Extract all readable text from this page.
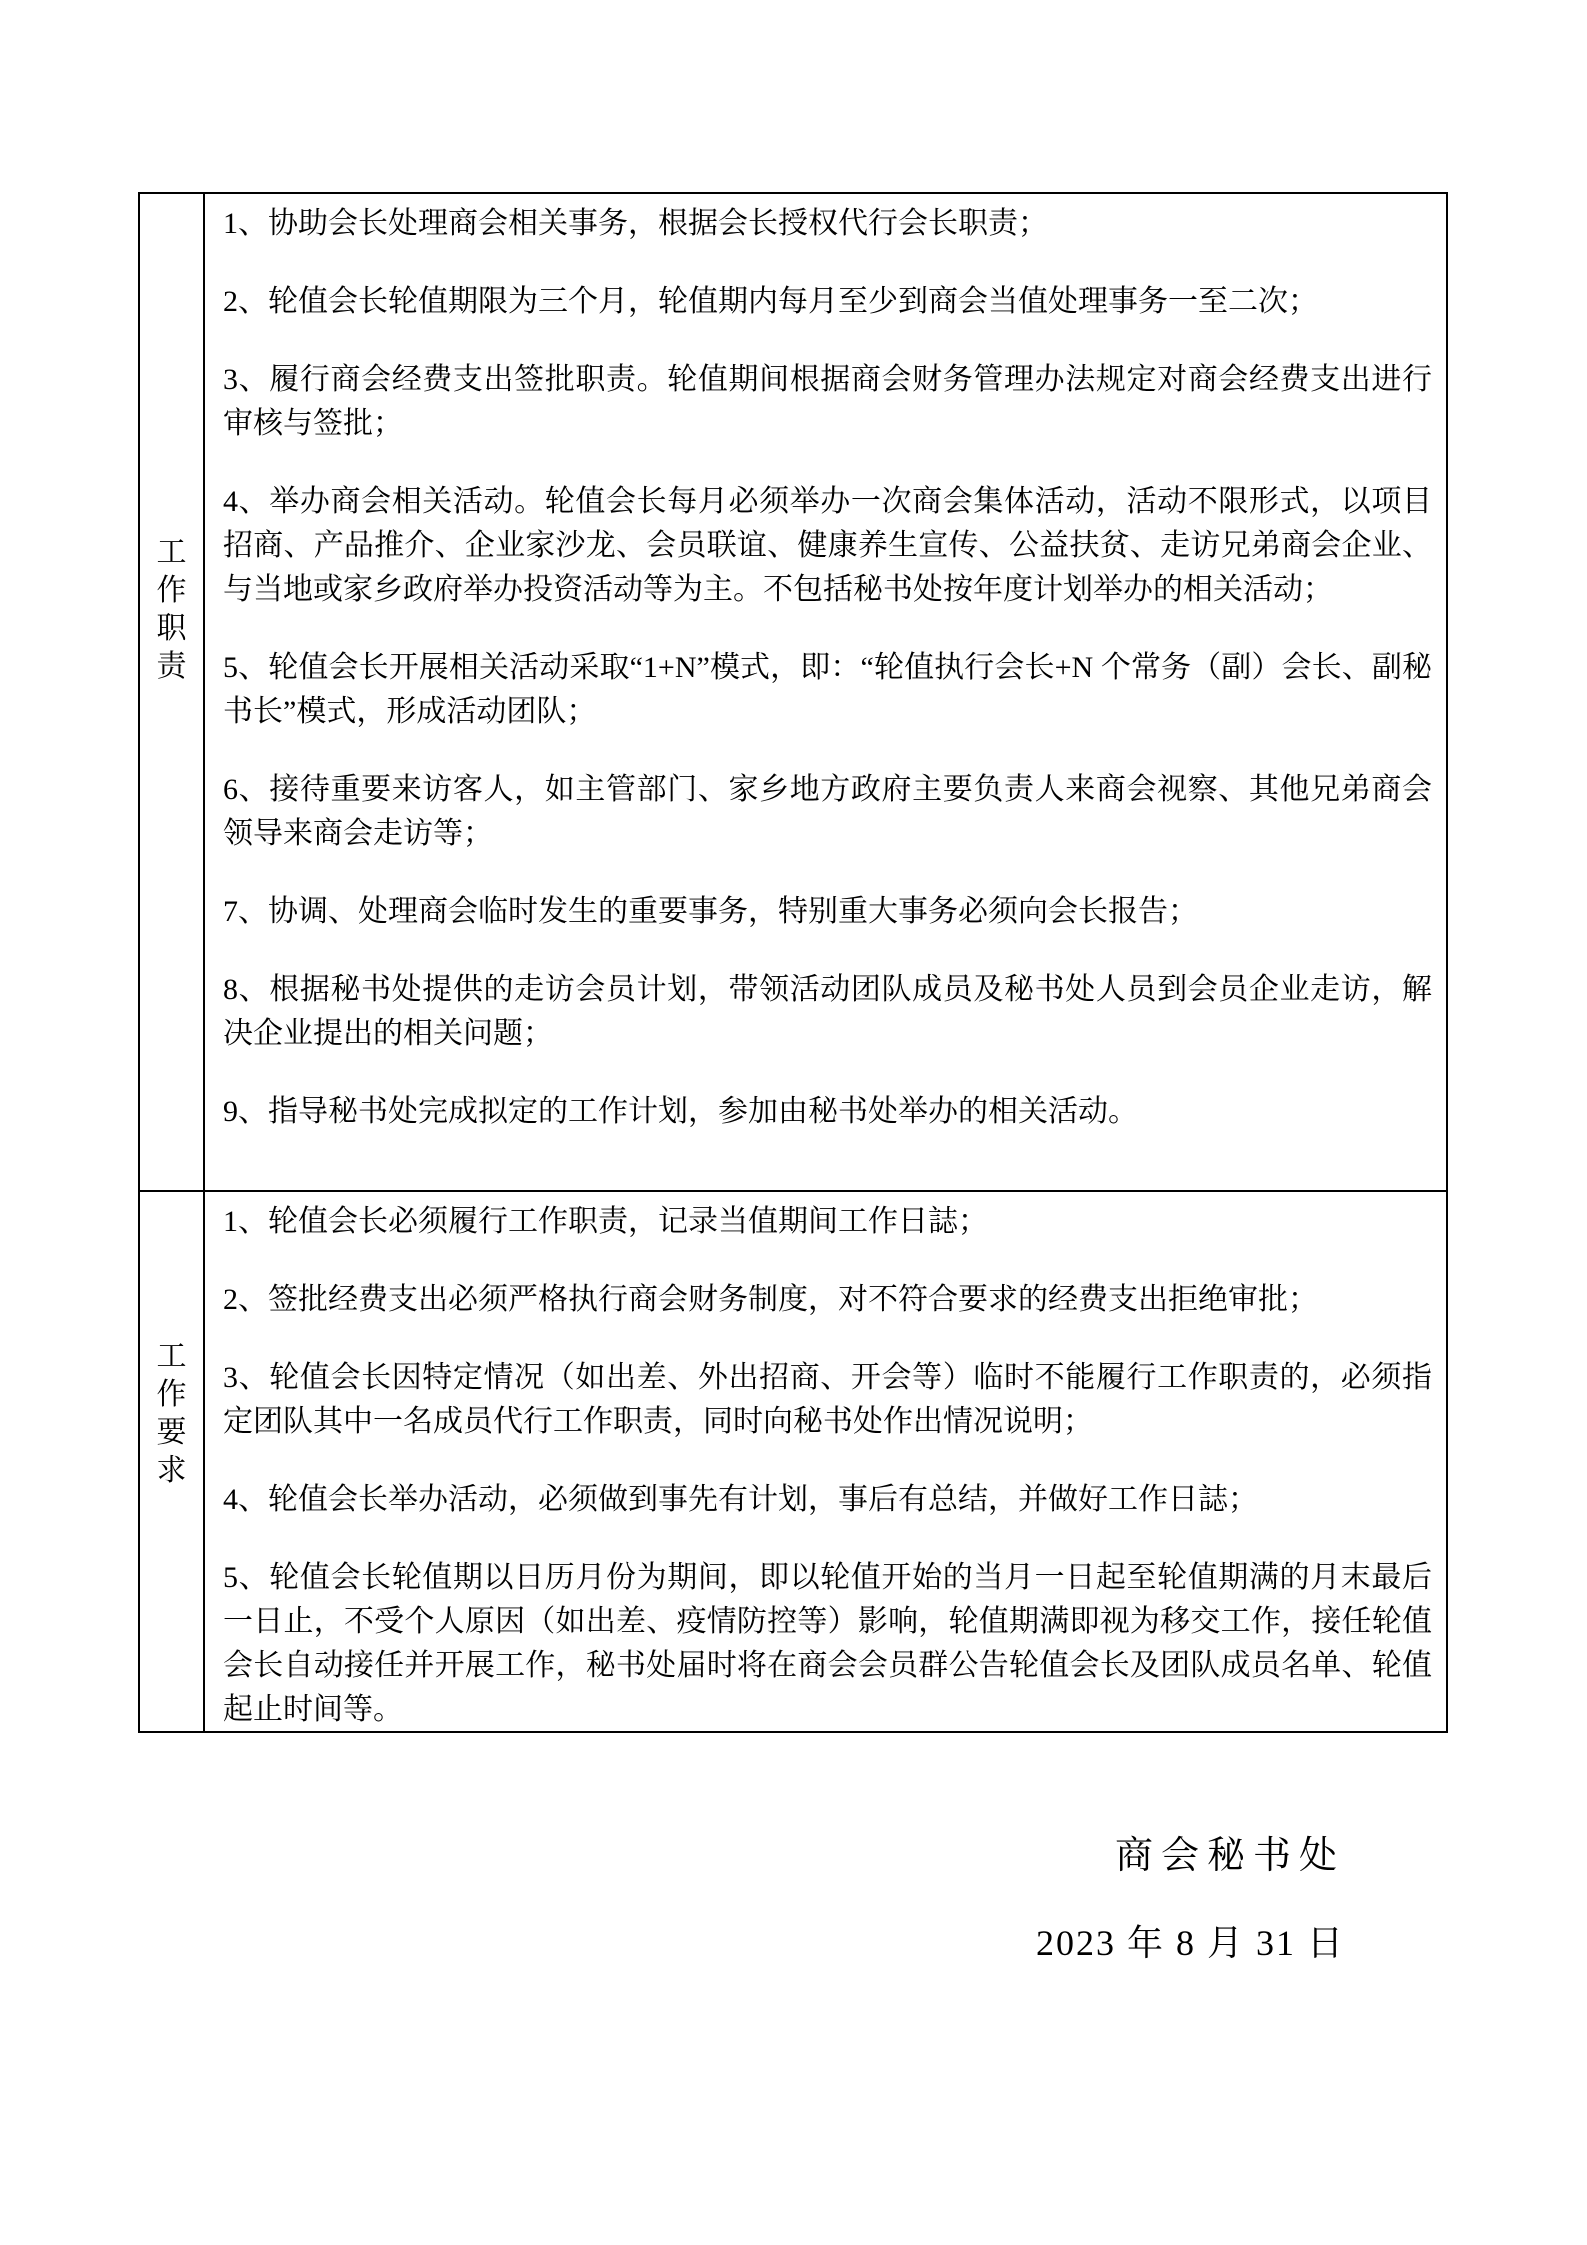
工作职责

1、协助会长处理商会相关事务，根据会长授权代行会长职责；

2、轮值会长轮值期限为三个月，轮值期内每月至少到商会当值处理事务一至二次；

3、履行商会经费支出签批职责。轮值期间根据商会财务管理办法规定对商会经费支出进行审核与签批；

4、举办商会相关活动。轮值会长每月必须举办一次商会集体活动，活动不限形式，以项目招商、产品推介、企业家沙龙、会员联谊、健康养生宣传、公益扶贫、走访兄弟商会企业、与当地或家乡政府举办投资活动等为主。不包括秘书处按年度计划举办的相关活动；

5、轮值会长开展相关活动采取“1+N”模式，即：“轮值执行会长+N 个常务（副）会长、副秘书长”模式，形成活动团队；

6、接待重要来访客人，如主管部门、家乡地方政府主要负责人来商会视察、其他兄弟商会领导来商会走访等；

7、协调、处理商会临时发生的重要事务，特别重大事务必须向会长报告；

8、根据秘书处提供的走访会员计划，带领活动团队成员及秘书处人员到会员企业走访，解决企业提出的相关问题；

9、指导秘书处完成拟定的工作计划，参加由秘书处举办的相关活动。

工作要求

1、轮值会长必须履行工作职责，记录当值期间工作日誌；

2、签批经费支出必须严格执行商会财务制度，对不符合要求的经费支出拒绝审批；

3、轮值会长因特定情况（如出差、外出招商、开会等）临时不能履行工作职责的，必须指定团队其中一名成员代行工作职责，同时向秘书处作出情况说明；

4、轮值会长举办活动，必须做到事先有计划，事后有总结，并做好工作日誌；

5、轮值会长轮值期以日历月份为期间，即以轮值开始的当月一日起至轮值期满的月末最后一日止，不受个人原因（如出差、疫情防控等）影响，轮值期满即视为移交工作，接任轮值会长自动接任并开展工作，秘书处届时将在商会会员群公告轮值会长及团队成员名单、轮值起止时间等。

商会秘书处
2023 年 8 月 31 日
